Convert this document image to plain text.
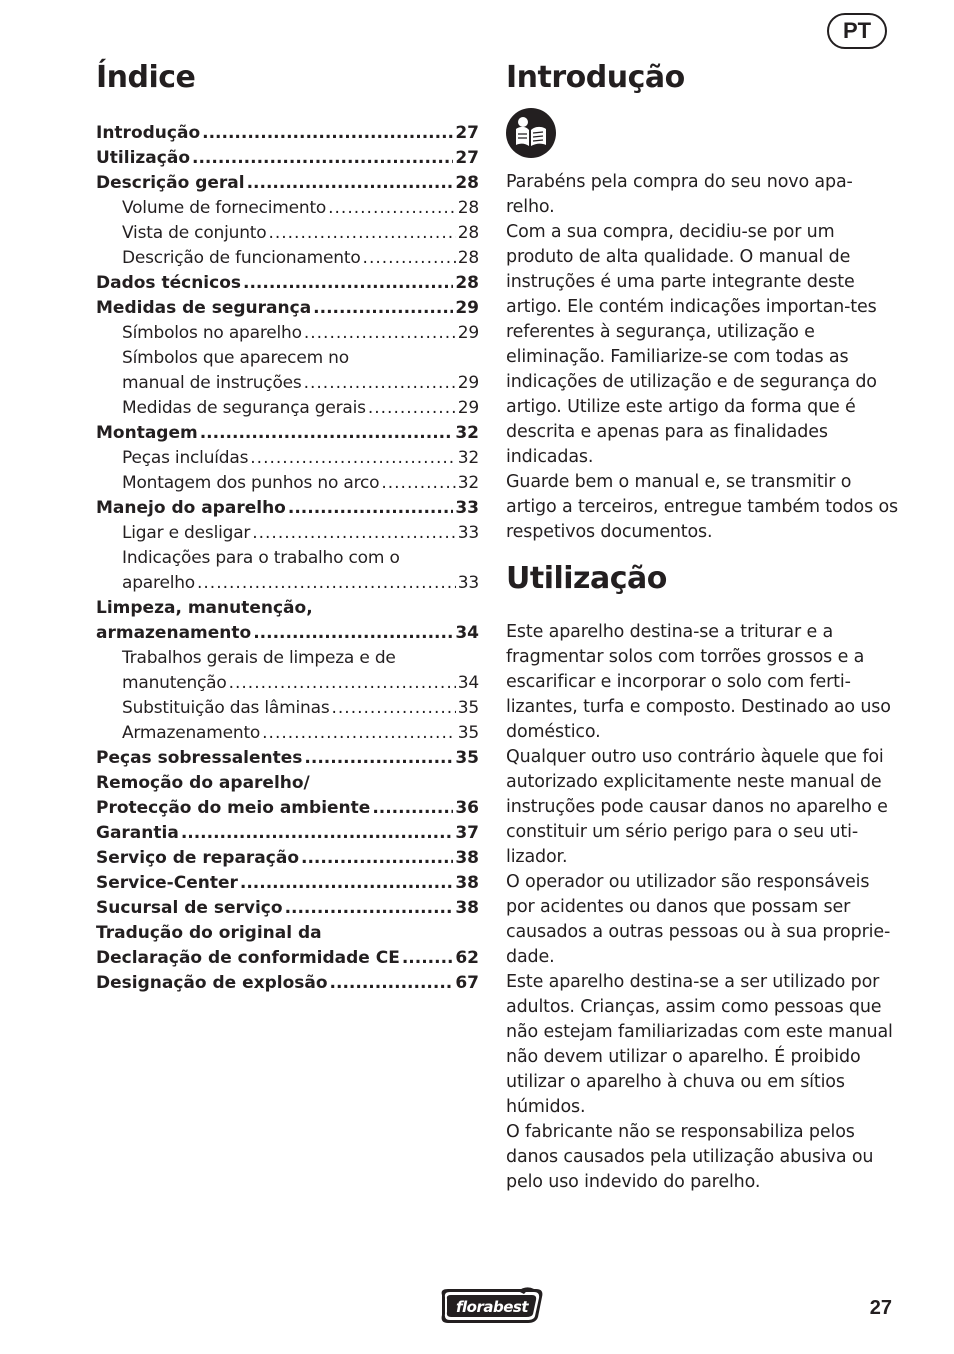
PT
Índice
Introdução .....	27
Utilização .....	27
Descrição geral .....	28
Volume de fornecimento .....	28
Vista de conjunto .....	28
Descrição de funcionamento .....	28
Dados técnicos .....	28
Medidas de segurança .....	29
Símbolos no aparelho .....	29
Símbolos que aparecem no
manual de instruções .....	29
Medidas de segurança gerais .....	29
Montagem .....	32
Peças incluídas .....	32
Montagem dos punhos no arco .....	32
Manejo do aparelho .....	33
Ligar e desligar .....	33
Indicações para o trabalho com o
aparelho .....	33
Limpeza, manutenção,
armazenamento .....	34
Trabalhos gerais de limpeza e de
manutenção .....	34
Substituição das lâminas .....	35
Armazenamento .....	35
Peças sobressalentes .....	35
Remoção do aparelho/
Protecção do meio ambiente .....	36
Garantia .....	37
Serviço de reparação .....	38
Service-Center .....	38
Sucursal de serviço .....	38
Tradução do original da
Declaração de conformidade CE .....	62
Designação de explosão .....	67
Introdução

Parabéns pela compra do seu novo apa-relho.

Com a sua compra, decidiu-se por um produto de alta qualidade. O manual de instruções é uma parte integrante deste artigo. Ele contém indicações importan-tes referentes à segurança, utilização e eliminação. Familiarize-se com todas as indicações de utilização e de segurança do artigo. Utilize este artigo da forma que é descrita e apenas para as finalidades indicadas.

Guarde bem o manual e, se transmitir o artigo a terceiros, entregue também todos os respetivos documentos.

Utilização

Este aparelho destina-se a triturar e a fragmentar solos com torrões grossos e a escarificar e incorporar o solo com ferti-lizantes, turfa e composto. Destinado ao uso doméstico.

Qualquer outro uso contrário àquele que foi autorizado explicitamente neste manual de instruções pode causar danos no aparelho e constituir um sério perigo para o seu uti-lizador.

O operador ou utilizador são responsáveis por acidentes ou danos que possam ser causados a outras pessoas ou à sua proprie-dade.

Este aparelho destina-se a ser utilizado por adultos. Crianças, assim como pessoas que não estejam familiarizadas com este manual não devem utilizar o aparelho. É proibido utilizar o aparelho à chuva ou em sítios húmidos.

O fabricante não se responsabiliza pelos danos causados pela utilização abusiva ou pelo uso indevido do parelho.

florabest	27
